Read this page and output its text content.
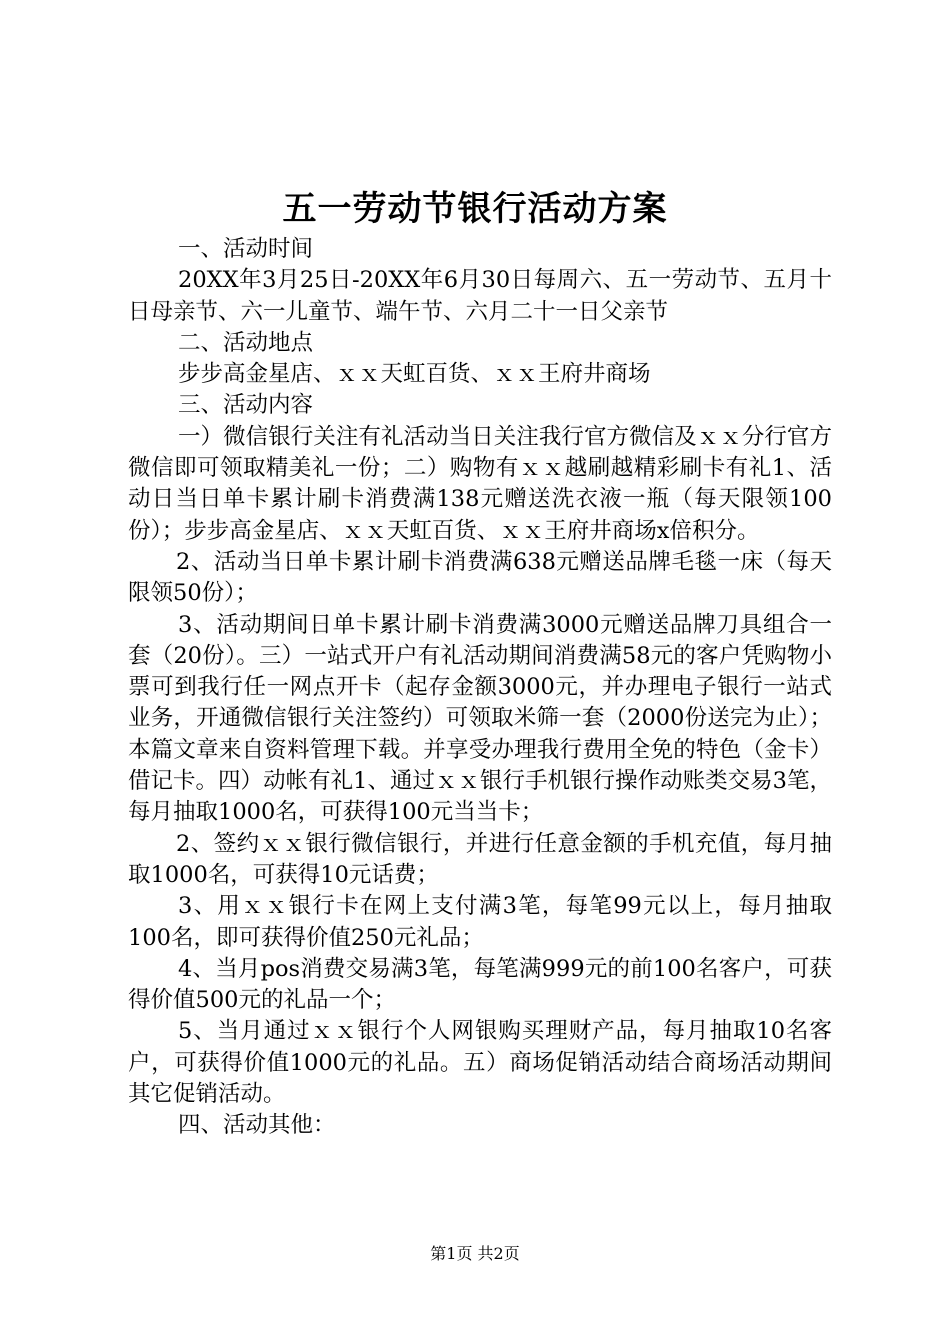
五一劳动节银行活动方案

一、活动时间

20XX年3月25日-20XX年6月30日每周六、五一劳动节、五月十日母亲节、六一儿童节、端午节、六月二十一日父亲节

二、活动地点

步步高金星店、ｘｘ天虹百货、ｘｘ王府井商场

三、活动内容

一）微信银行关注有礼活动当日关注我行官方微信及ｘｘ分行官方微信即可领取精美礼一份；二）购物有ｘｘ越刷越精彩刷卡有礼1、活动日当日单卡累计刷卡消费满138元赠送洗衣液一瓶（每天限领100份）；步步高金星店、ｘｘ天虹百货、ｘｘ王府井商场x倍积分。

2、活动当日单卡累计刷卡消费满638元赠送品牌毛毯一床（每天限领50份）；

3、活动期间日单卡累计刷卡消费满3000元赠送品牌刀具组合一套（20份）。三）一站式开户有礼活动期间消费满58元的客户凭购物小票可到我行任一网点开卡（起存金额3000元，并办理电子银行一站式业务，开通微信银行关注签约）可领取米筛一套（2000份送完为止）；本篇文章来自资料管理下载。并享受办理我行费用全免的特色（金卡）借记卡。四）动帐有礼1、通过ｘｘ银行手机银行操作动账类交易3笔，每月抽取1000名，可获得100元当当卡；

2、签约ｘｘ银行微信银行，并进行任意金额的手机充值，每月抽取1000名，可获得10元话费；

3、用ｘｘ银行卡在网上支付满3笔，每笔99元以上，每月抽取100名，即可获得价值250元礼品；

4、当月pos消费交易满3笔，每笔满999元的前100名客户，可获得价值500元的礼品一个；

5、当月通过ｘｘ银行个人网银购买理财产品，每月抽取10名客户，可获得价值1000元的礼品。五）商场促销活动结合商场活动期间其它促销活动。

四、活动其他：

第1页 共2页
